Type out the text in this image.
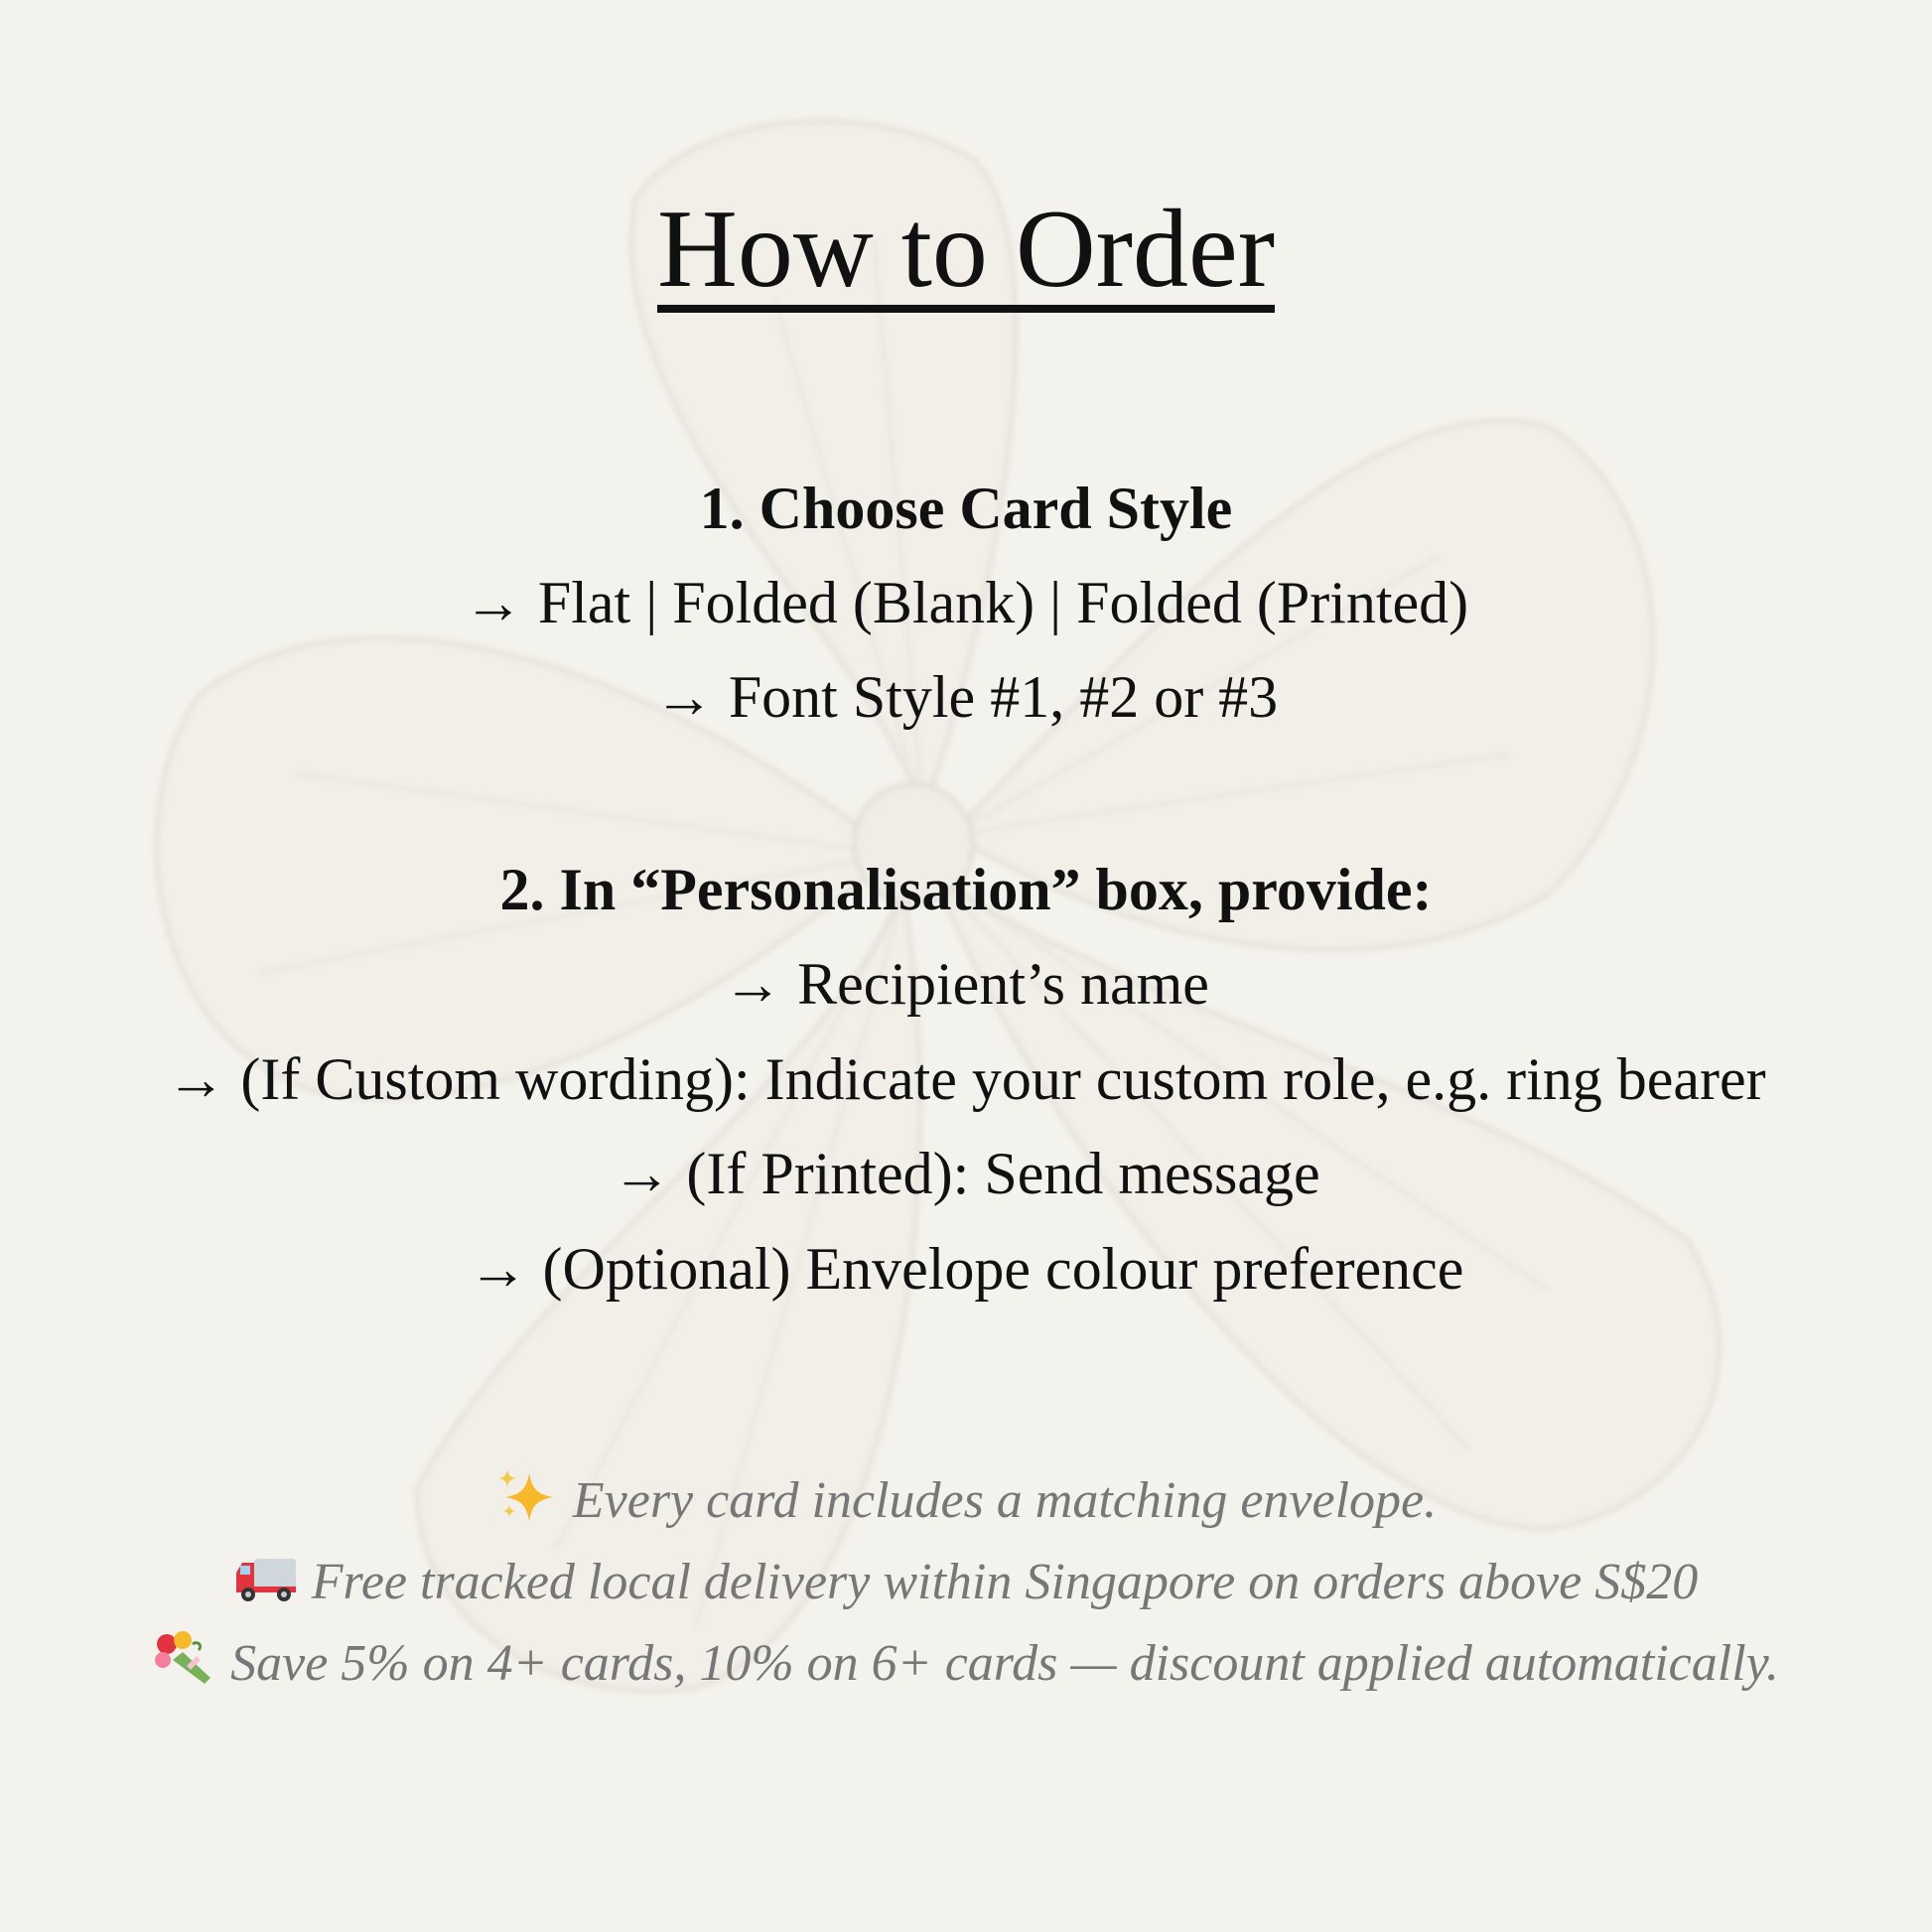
How to Order
1. Choose Card Style
→ Flat | Folded (Blank) | Folded (Printed)
→ Font Style #1, #2 or #3
2. In “Personalisation” box, provide:
→ Recipient’s name
→ (If Custom wording): Indicate your custom role, e.g. ring bearer
→ (If Printed): Send message
→ (Optional) Envelope colour preference
Every card includes a matching envelope.
Free tracked local delivery within Singapore on orders above S$20
Save 5% on 4+ cards, 10% on 6+ cards — discount applied automatically.
